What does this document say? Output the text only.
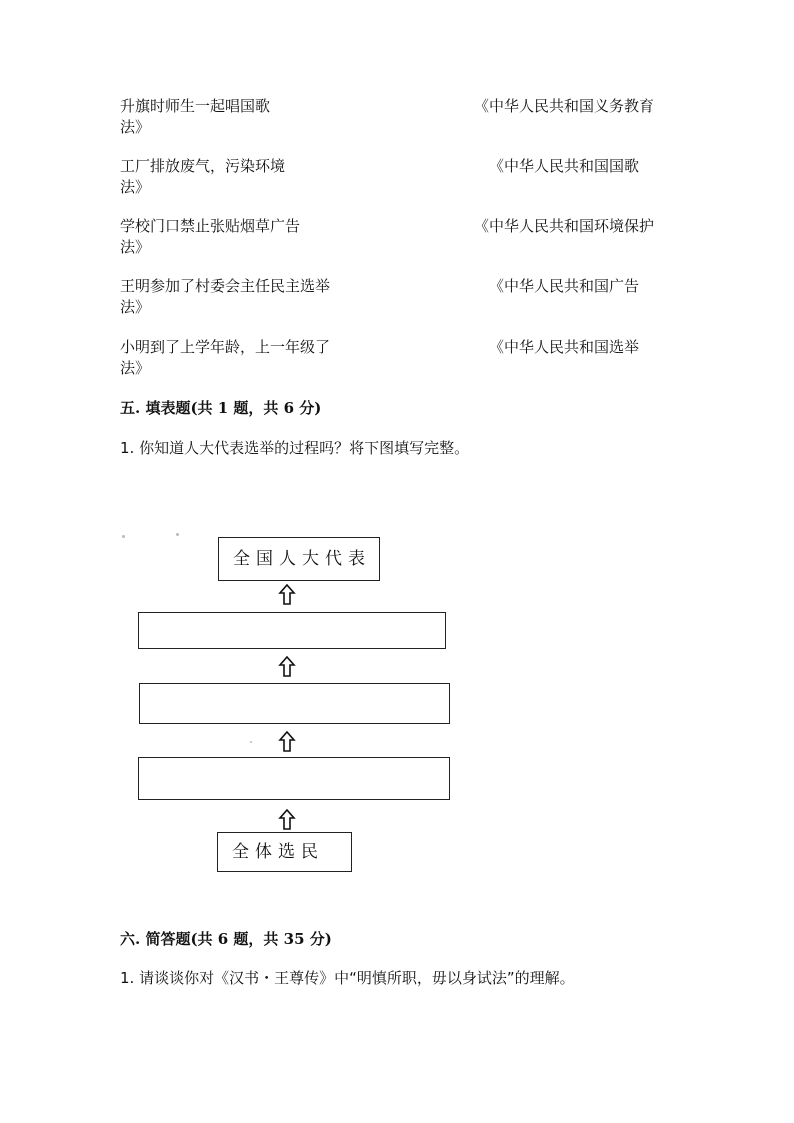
升旗时师生一起唱国歌	《中华人民共和国义务教育
法》
工厂排放废气，污染环境	《中华人民共和国国歌
法》
学校门口禁止张贴烟草广告	《中华人民共和国环境保护
法》
王明参加了村委会主任民主选举	《中华人民共和国广告
法》
小明到了上学年龄，上一年级了	《中华人民共和国选举
法》
五. 填表题(共 1 题，共 6 分)
1. 你知道人大代表选举的过程吗？将下图填写完整。
全国人大代表
全体选民
六. 简答题(共 6 题，共 35 分)
1. 请谈谈你对《汉书・王尊传》中“明慎所职，毋以身试法”的理解。
